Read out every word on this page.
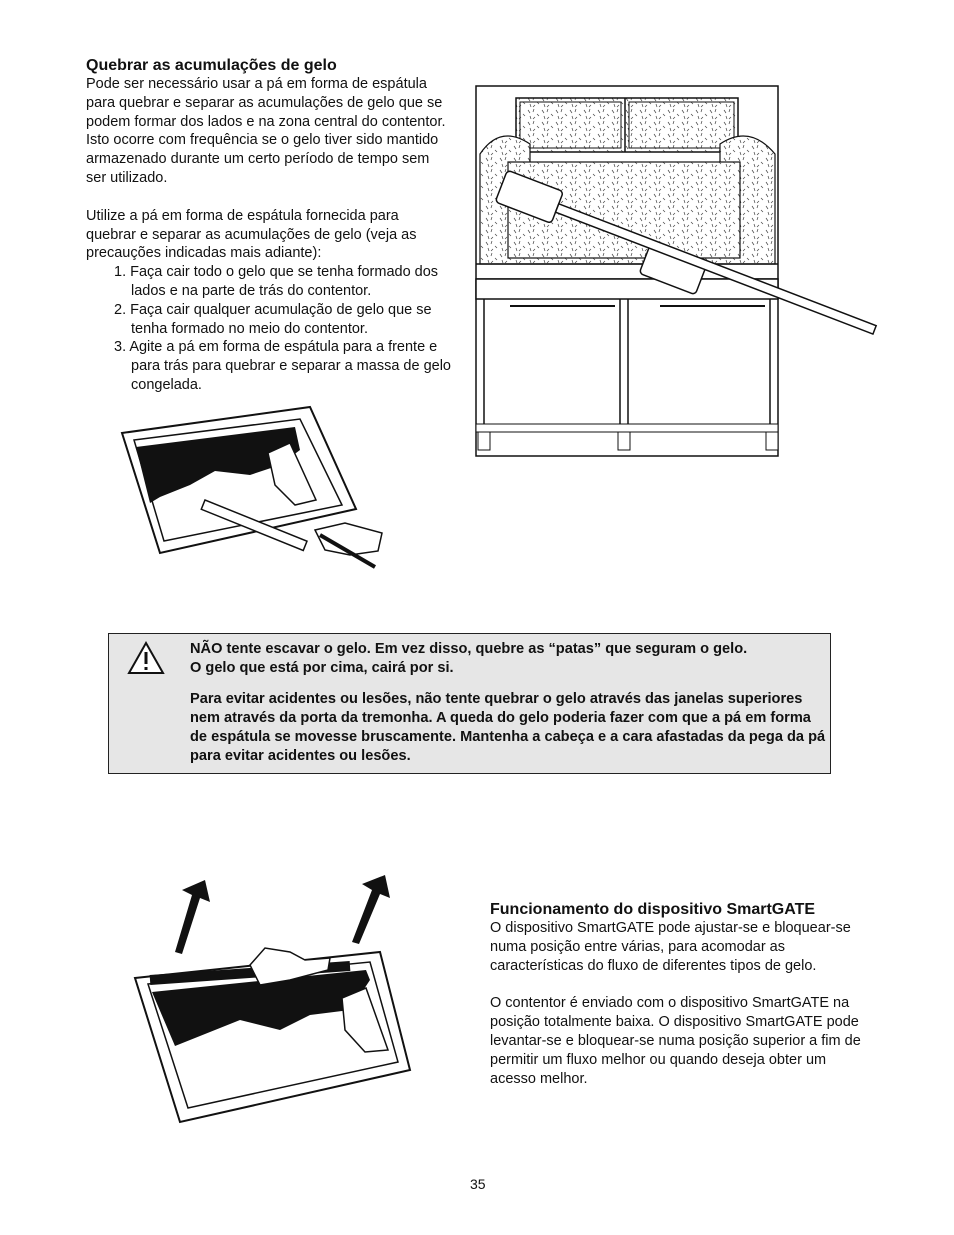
Quebrar as acumulações de gelo

Pode ser necessário usar a pá em forma de espátula para quebrar e separar as acumulações de gelo que se podem formar dos lados e na zona central do contentor. Isto ocorre com frequência se o gelo tiver sido mantido armazenado durante um certo período de tempo sem ser utilizado.

Utilize a pá em forma de espátula fornecida para quebrar e separar as acumulações de gelo (veja as precauções indicadas mais adiante):

1. Faça cair todo o gelo que se tenha formado dos lados e na parte de trás do contentor.
2. Faça cair qualquer acumulação de gelo que se tenha formado no meio do contentor.
3. Agite a pá em forma de espátula para a frente e para trás para quebrar e separar a massa de gelo congelada.

NÃO tente escavar o gelo. Em vez disso, quebre as “patas” que seguram o gelo.

O gelo que está por cima, cairá por si.

Para evitar acidentes ou lesões, não tente quebrar o gelo através das janelas superiores nem através da porta da tremonha. A queda do gelo poderia fazer com que a pá em forma de espátula se movesse bruscamente. Mantenha a cabeça e a cara afastadas da pega da pá para evitar acidentes ou lesões.

Funcionamento do dispositivo SmartGATE

O dispositivo SmartGATE pode ajustar-se e bloquear-se numa posição entre várias, para acomodar as características do fluxo de diferentes tipos de gelo.

O contentor é enviado com o dispositivo SmartGATE na posição totalmente baixa. O dispositivo SmartGATE pode levantar-se e bloquear-se numa posição superior a fim de permitir um fluxo melhor ou quando deseja obter um acesso melhor.

35
